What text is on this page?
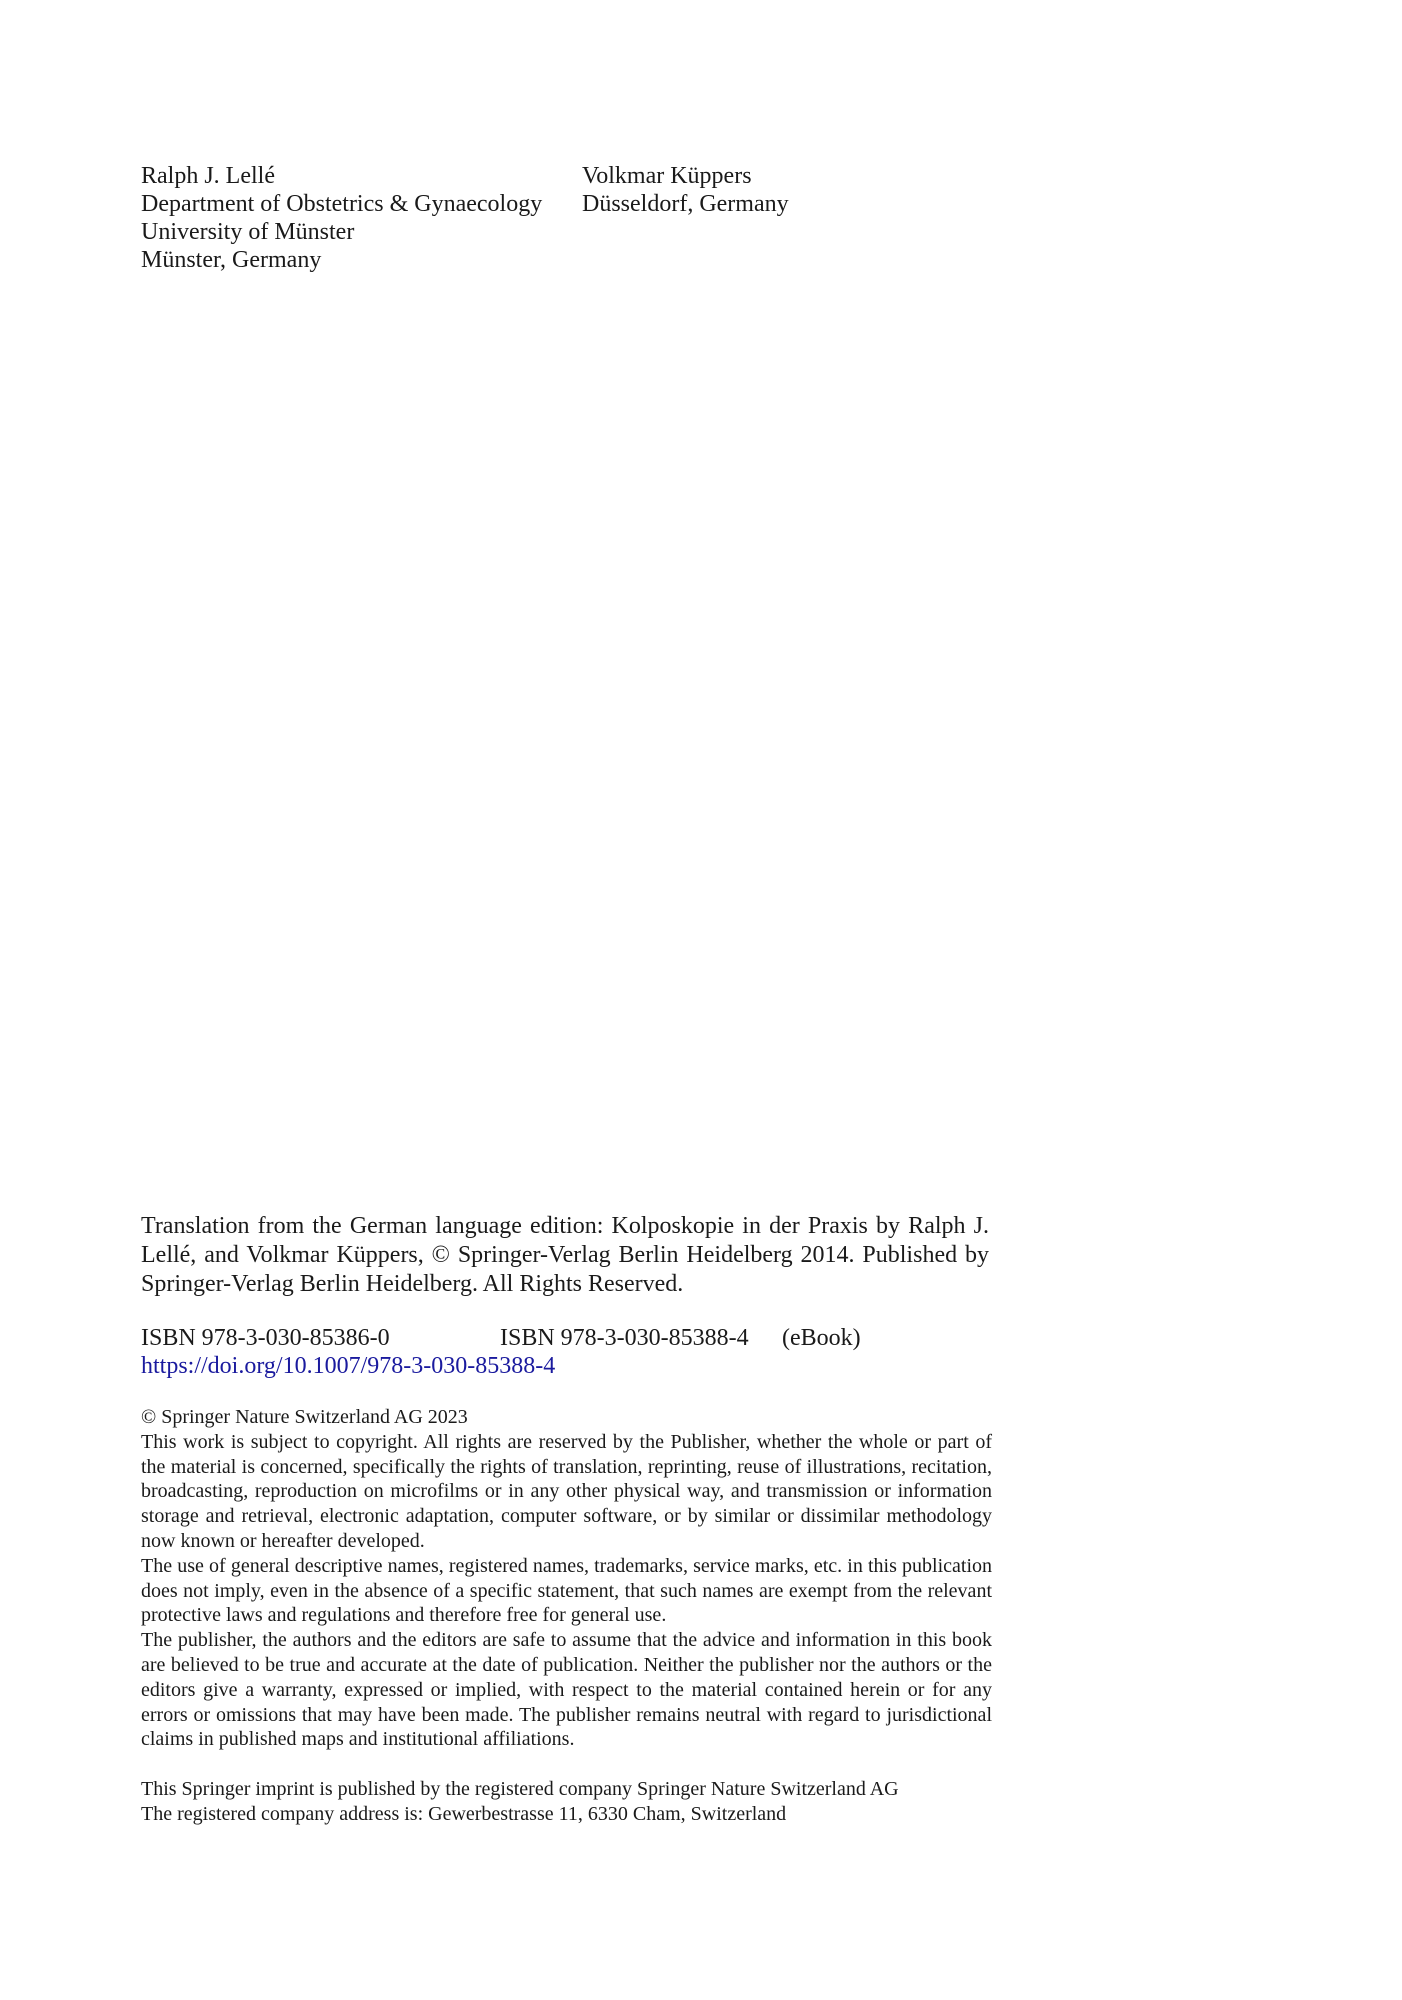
Ralph J. Lellé
Department of Obstetrics & Gynaecology
University of Münster
Münster, Germany
Volkmar Küppers
Düsseldorf, Germany
Translation from the German language edition: Kolposkopie in der Praxis by Ralph J. Lellé, and Volkmar Küppers, © Springer-Verlag Berlin Heidelberg 2014. Published by Springer-Verlag Berlin Heidelberg. All Rights Reserved.
ISBN 978-3-030-85386-0	ISBN 978-3-030-85388-4 (eBook)
https://doi.org/10.1007/978-3-030-85388-4

© Springer Nature Switzerland AG 2023

This work is subject to copyright. All rights are reserved by the Publisher, whether the whole or part of the material is concerned, specifically the rights of translation, reprinting, reuse of illustrations, recitation, broadcasting, reproduction on microfilms or in any other physical way, and transmission or information storage and retrieval, electronic adaptation, computer software, or by similar or dissimilar methodology now known or hereafter developed.

The use of general descriptive names, registered names, trademarks, service marks, etc. in this publication does not imply, even in the absence of a specific statement, that such names are exempt from the relevant protective laws and regulations and therefore free for general use.

The publisher, the authors and the editors are safe to assume that the advice and information in this book are believed to be true and accurate at the date of publication. Neither the publisher nor the authors or the editors give a warranty, expressed or implied, with respect to the material contained herein or for any errors or omissions that may have been made. The publisher remains neutral with regard to jurisdictional claims in published maps and institutional affiliations.

This Springer imprint is published by the registered company Springer Nature Switzerland AG
The registered company address is: Gewerbestrasse 11, 6330 Cham, Switzerland
